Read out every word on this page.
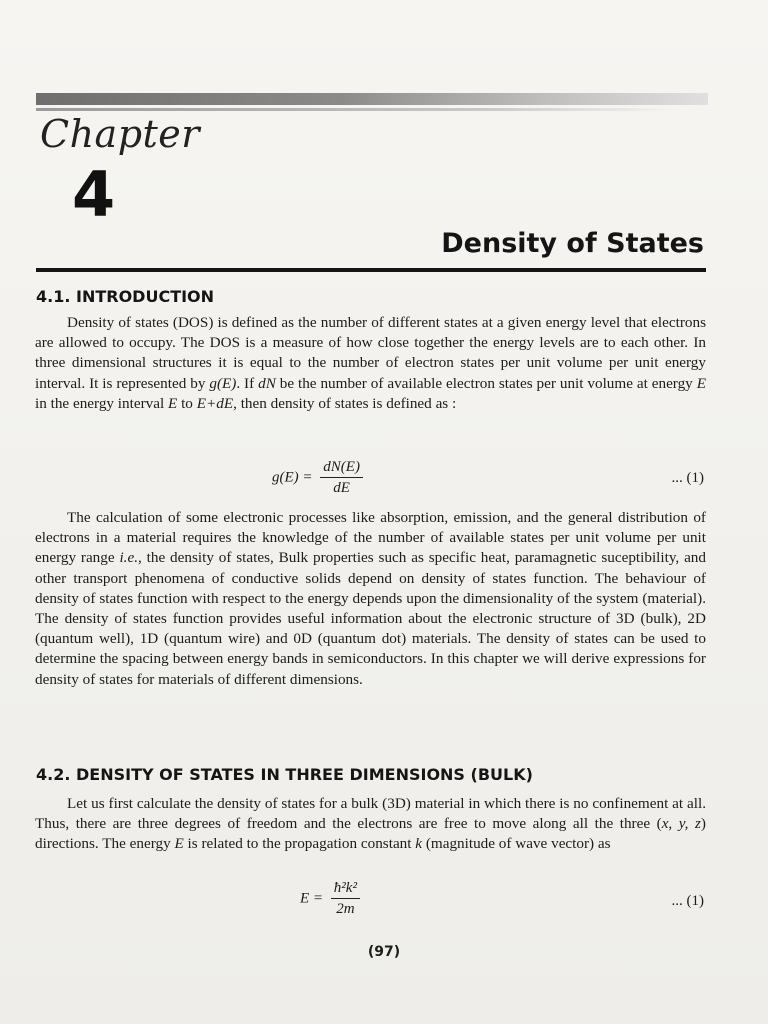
Chapter
4
Density of States
4.1. INTRODUCTION

Density of states (DOS) is defined as the number of different states at a given energy level that electrons are allowed to occupy. The DOS is a measure of how close together the energy levels are to each other. In three dimensional structures it is equal to the number of electron states per unit volume per unit energy interval. It is represented by g(E). If dN be the number of available electron states per unit volume at energy E in the energy interval E to E+dE, then density of states is defined as :

$g(E) = \frac{dN(E)}{dE}$	... (1)

The calculation of some electronic processes like absorption, emission, and the general distribution of electrons in a material requires the knowledge of the number of available states per unit volume per unit energy range i.e., the density of states, Bulk properties such as specific heat, paramagnetic suceptibility, and other transport phenomena of conductive solids depend on density of states function. The behaviour of density of states function with respect to the energy depends upon the dimensionality of the system (material). The density of states function provides useful information about the electronic structure of 3D (bulk), 2D (quantum well), 1D (quantum wire) and 0D (quantum dot) materials. The density of states can be used to determine the spacing between energy bands in semiconductors. In this chapter we will derive expressions for density of states for materials of different dimensions.

4.2. DENSITY OF STATES IN THREE DIMENSIONS (BULK)

Let us first calculate the density of states for a bulk (3D) material in which there is no confinement at all. Thus, there are three degrees of freedom and the electrons are free to move along all the three (x, y, z) directions. The energy E is related to the propagation constant k (magnitude of wave vector) as

$E = \frac{\text{ħ²k²}}{2m}$	... (1)
(97)
